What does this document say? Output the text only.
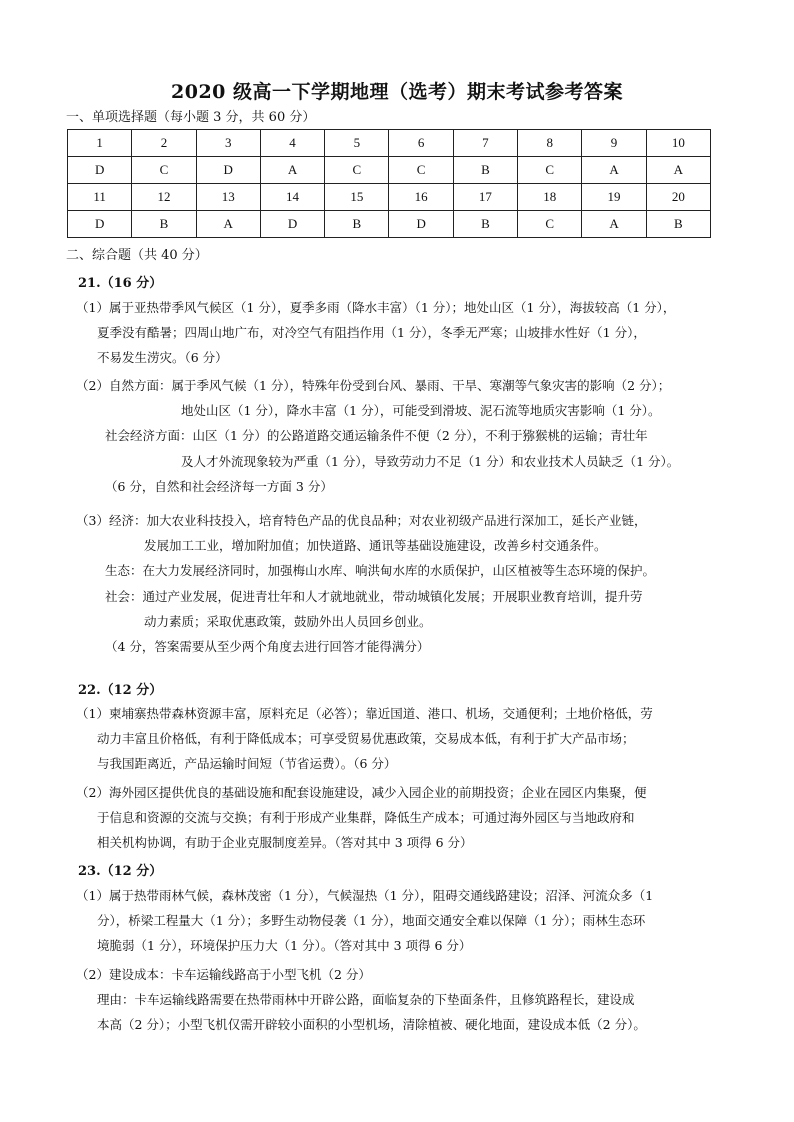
2020 级高一下学期地理（选考）期末考试参考答案
一、单项选择题（每小题 3 分，共 60 分）
1	2	3	4	5	6	7	8	9	10
D	C	D	A	C	C	B	C	A	A
11	12	13	14	15	16	17	18	19	20
D	B	A	D	B	D	B	C	A	B
二、综合题（共 40 分）
21.（16 分）

（1）属于亚热带季风气候区（1 分），夏季多雨（降水丰富）（1 分）；地处山区（1 分），海拔较高（1 分），

夏季没有酷暑；四周山地广布，对冷空气有阻挡作用（1 分），冬季无严寒；山坡排水性好（1 分），

不易发生涝灾。（6 分）

（2）自然方面：属于季风气候（1 分），特殊年份受到台风、暴雨、干旱、寒潮等气象灾害的影响（2 分）；

地处山区（1 分），降水丰富（1 分），可能受到滑坡、泥石流等地质灾害影响（1 分）。

社会经济方面：山区（1 分）的公路道路交通运输条件不便（2 分），不利于猕猴桃的运输；青壮年

及人才外流现象较为严重（1 分），导致劳动力不足（1 分）和农业技术人员缺乏（1 分）。

（6 分，自然和社会经济每一方面 3 分）

（3）经济：加大农业科技投入，培育特色产品的优良品种；对农业初级产品进行深加工，延长产业链，

发展加工工业，增加附加值；加快道路、通讯等基础设施建设，改善乡村交通条件。

生态：在大力发展经济同时，加强梅山水库、响洪甸水库的水质保护，山区植被等生态环境的保护。

社会：通过产业发展，促进青壮年和人才就地就业，带动城镇化发展；开展职业教育培训，提升劳

动力素质；采取优惠政策，鼓励外出人员回乡创业。

（4 分，答案需要从至少两个角度去进行回答才能得满分）

22.（12 分）

（1）柬埔寨热带森林资源丰富，原料充足（必答）；靠近国道、港口、机场，交通便利；土地价格低，劳

动力丰富且价格低，有利于降低成本；可享受贸易优惠政策，交易成本低，有利于扩大产品市场；

与我国距离近，产品运输时间短（节省运费）。（6 分）

（2）海外园区提供优良的基础设施和配套设施建设，减少入园企业的前期投资；企业在园区内集聚，便

于信息和资源的交流与交换；有利于形成产业集群，降低生产成本；可通过海外园区与当地政府和

相关机构协调，有助于企业克服制度差异。（答对其中 3 项得 6 分）

23.（12 分）

（1）属于热带雨林气候，森林茂密（1 分），气候湿热（1 分），阻碍交通线路建设；沼泽、河流众多（1

分），桥梁工程量大（1 分）；多野生动物侵袭（1 分），地面交通安全难以保障（1 分）；雨林生态环

境脆弱（1 分），环境保护压力大（1 分）。（答对其中 3 项得 6 分）

（2）建设成本：卡车运输线路高于小型飞机（2 分）

理由：卡车运输线路需要在热带雨林中开辟公路，面临复杂的下垫面条件，且修筑路程长，建设成

本高（2 分）；小型飞机仅需开辟较小面积的小型机场，清除植被、硬化地面，建设成本低（2 分）。
